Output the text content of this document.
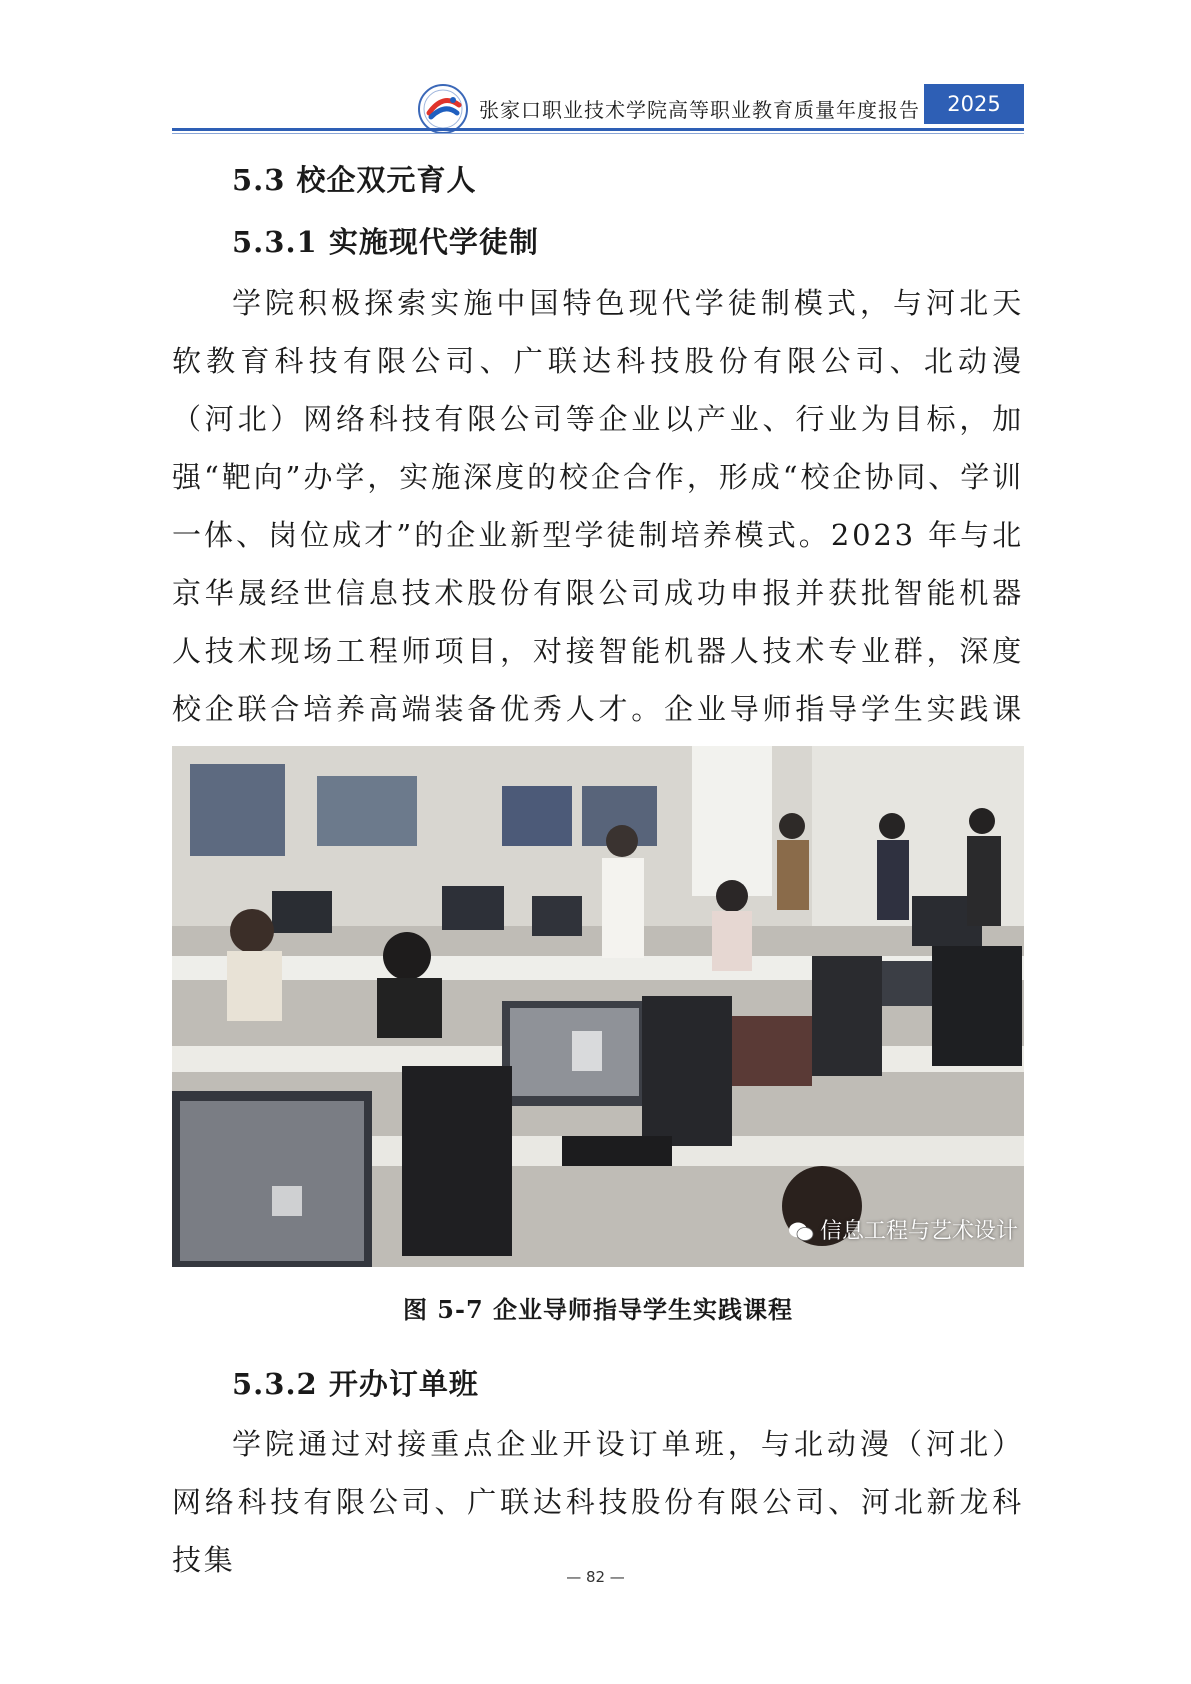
张家口职业技术学院高等职业教育质量年度报告	2025
5.3 校企双元育人
5.3.1 实施现代学徒制

学院积极探索实施中国特色现代学徒制模式，与河北天软教育科技有限公司、广联达科技股份有限公司、北动漫（河北）网络科技有限公司等企业以产业、行业为目标，加强“靶向”办学，实施深度的校企合作，形成“校企协同、学训一体、岗位成才”的企业新型学徒制培养模式。2023 年与北京华晟经世信息技术股份有限公司成功申报并获批智能机器人技术现场工程师项目，对接智能机器人技术专业群，深度校企联合培养高端装备优秀人才。企业导师指导学生实践课

信息工程与艺术设计
图 5-7 企业导师指导学生实践课程
5.3.2 开办订单班

学院通过对接重点企业开设订单班，与北动漫（河北）网络科技有限公司、广联达科技股份有限公司、河北新龙科技集	— 82 —
